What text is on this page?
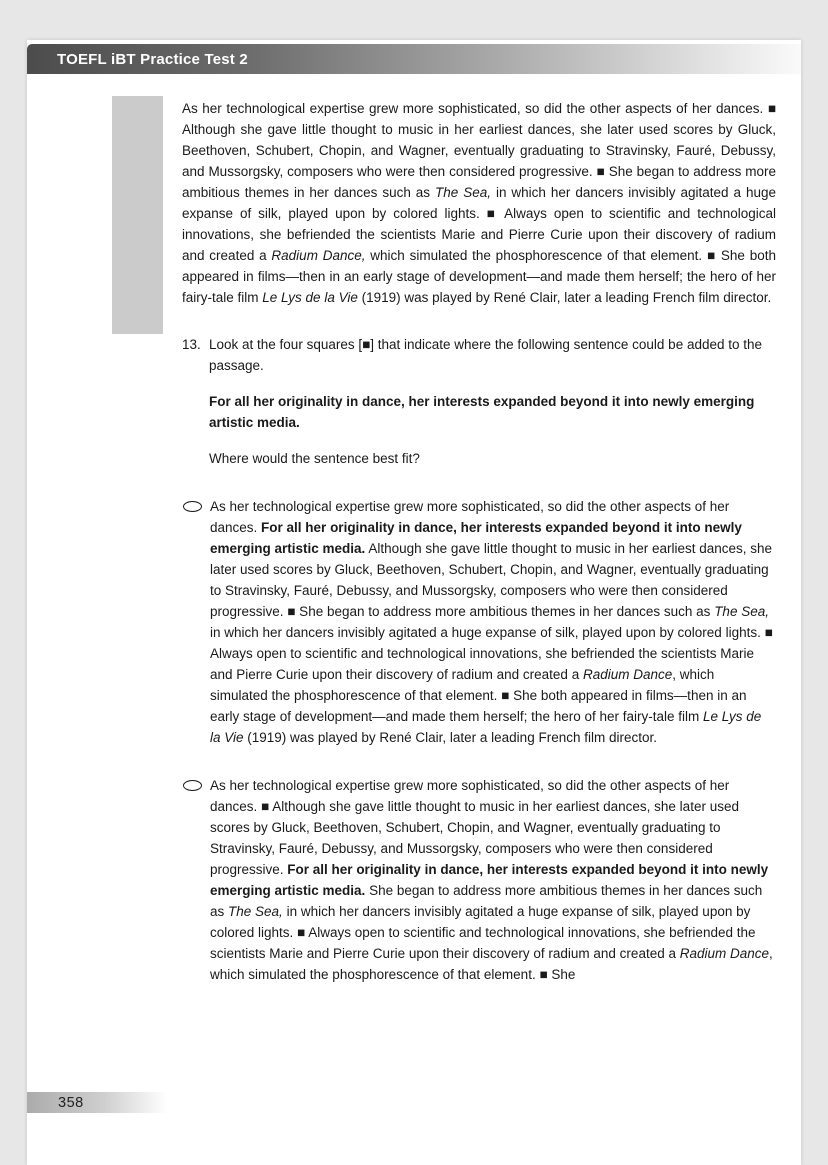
TOEFL iBT Practice Test 2

As her technological expertise grew more sophisticated, so did the other aspects of her dances. ■ Although she gave little thought to music in her earliest dances, she later used scores by Gluck, Beethoven, Schubert, Chopin, and Wagner, eventually graduating to Stravinsky, Fauré, Debussy, and Mussorgsky, composers who were then considered progressive. ■ She began to address more ambitious themes in her dances such as The Sea, in which her dancers invisibly agitated a huge expanse of silk, played upon by colored lights. ■ Always open to scientific and technological innovations, she befriended the scientists Marie and Pierre Curie upon their discovery of radium and created a Radium Dance, which simulated the phosphorescence of that element. ■ She both appeared in films—then in an early stage of development—and made them herself; the hero of her fairy-tale film Le Lys de la Vie (1919) was played by René Clair, later a leading French film director.

13. Look at the four squares [■] that indicate where the following sentence could be added to the passage.

For all her originality in dance, her interests expanded beyond it into newly emerging artistic media.

Where would the sentence best fit?

As her technological expertise grew more sophisticated, so did the other aspects of her dances. For all her originality in dance, her interests expanded beyond it into newly emerging artistic media. Although she gave little thought to music in her earliest dances, she later used scores by Gluck, Beethoven, Schubert, Chopin, and Wagner, eventually graduating to Stravinsky, Fauré, Debussy, and Mussorgsky, composers who were then considered progressive. ■ She began to address more ambitious themes in her dances such as The Sea, in which her dancers invisibly agitated a huge expanse of silk, played upon by colored lights. ■ Always open to scientific and technological innovations, she befriended the scientists Marie and Pierre Curie upon their discovery of radium and created a Radium Dance, which simulated the phosphorescence of that element. ■ She both appeared in films—then in an early stage of development—and made them herself; the hero of her fairy-tale film Le Lys de la Vie (1919) was played by René Clair, later a leading French film director.

As her technological expertise grew more sophisticated, so did the other aspects of her dances. ■ Although she gave little thought to music in her earliest dances, she later used scores by Gluck, Beethoven, Schubert, Chopin, and Wagner, eventually graduating to Stravinsky, Fauré, Debussy, and Mussorgsky, composers who were then considered progressive. For all her originality in dance, her interests expanded beyond it into newly emerging artistic media. She began to address more ambitious themes in her dances such as The Sea, in which her dancers invisibly agitated a huge expanse of silk, played upon by colored lights. ■ Always open to scientific and technological innovations, she befriended the scientists Marie and Pierre Curie upon their discovery of radium and created a Radium Dance, which simulated the phosphorescence of that element. ■ She

358
